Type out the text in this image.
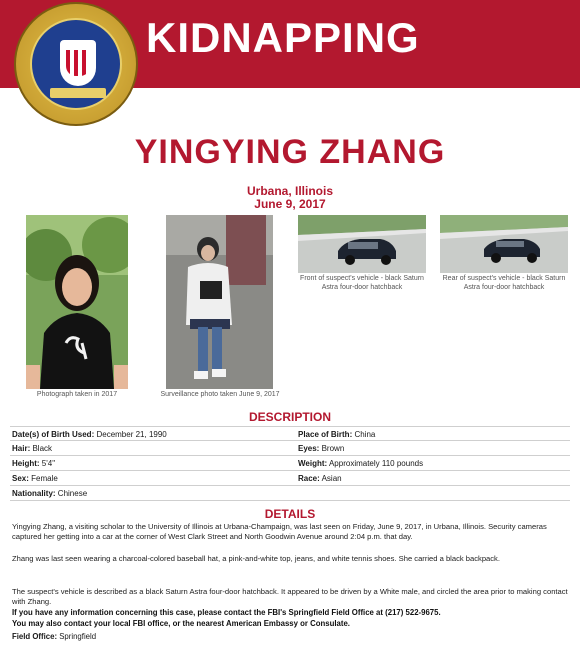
KIDNAPPING
YINGYING ZHANG
Urbana, Illinois
June 9, 2017
Photograph taken in 2017	Surveillance photo taken June 9, 2017
Front of suspect's vehicle - black Saturn Astra four-door hatchback
Rear of suspect's vehicle - black Saturn Astra four-door hatchback
DESCRIPTION
Date(s) of Birth Used: December 21, 1990	Place of Birth: China
Hair: Black	Eyes: Brown
Height: 5'4"	Weight: Approximately 110 pounds
Sex: Female	Race: Asian
Nationality: Chinese
DETAILS
Yingying Zhang, a visiting scholar to the University of Illinois at Urbana-Champaign, was last seen on Friday, June 9, 2017, in Urbana, Illinois. Security cameras captured her getting into a car at the corner of West Clark Street and North Goodwin Avenue around 2:04 p.m. that day.
Zhang was last seen wearing a charcoal-colored baseball hat, a pink-and-white top, jeans, and white tennis shoes. She carried a black backpack.
The suspect's vehicle is described as a black Saturn Astra four-door hatchback. It appeared to be driven by a White male, and circled the area prior to making contact with Zhang.
If you have any information concerning this case, please contact the FBI's Springfield Field Office at (217) 522-9675.
You may also contact your local FBI office, or the nearest American Embassy or Consulate.
Field Office: Springfield
